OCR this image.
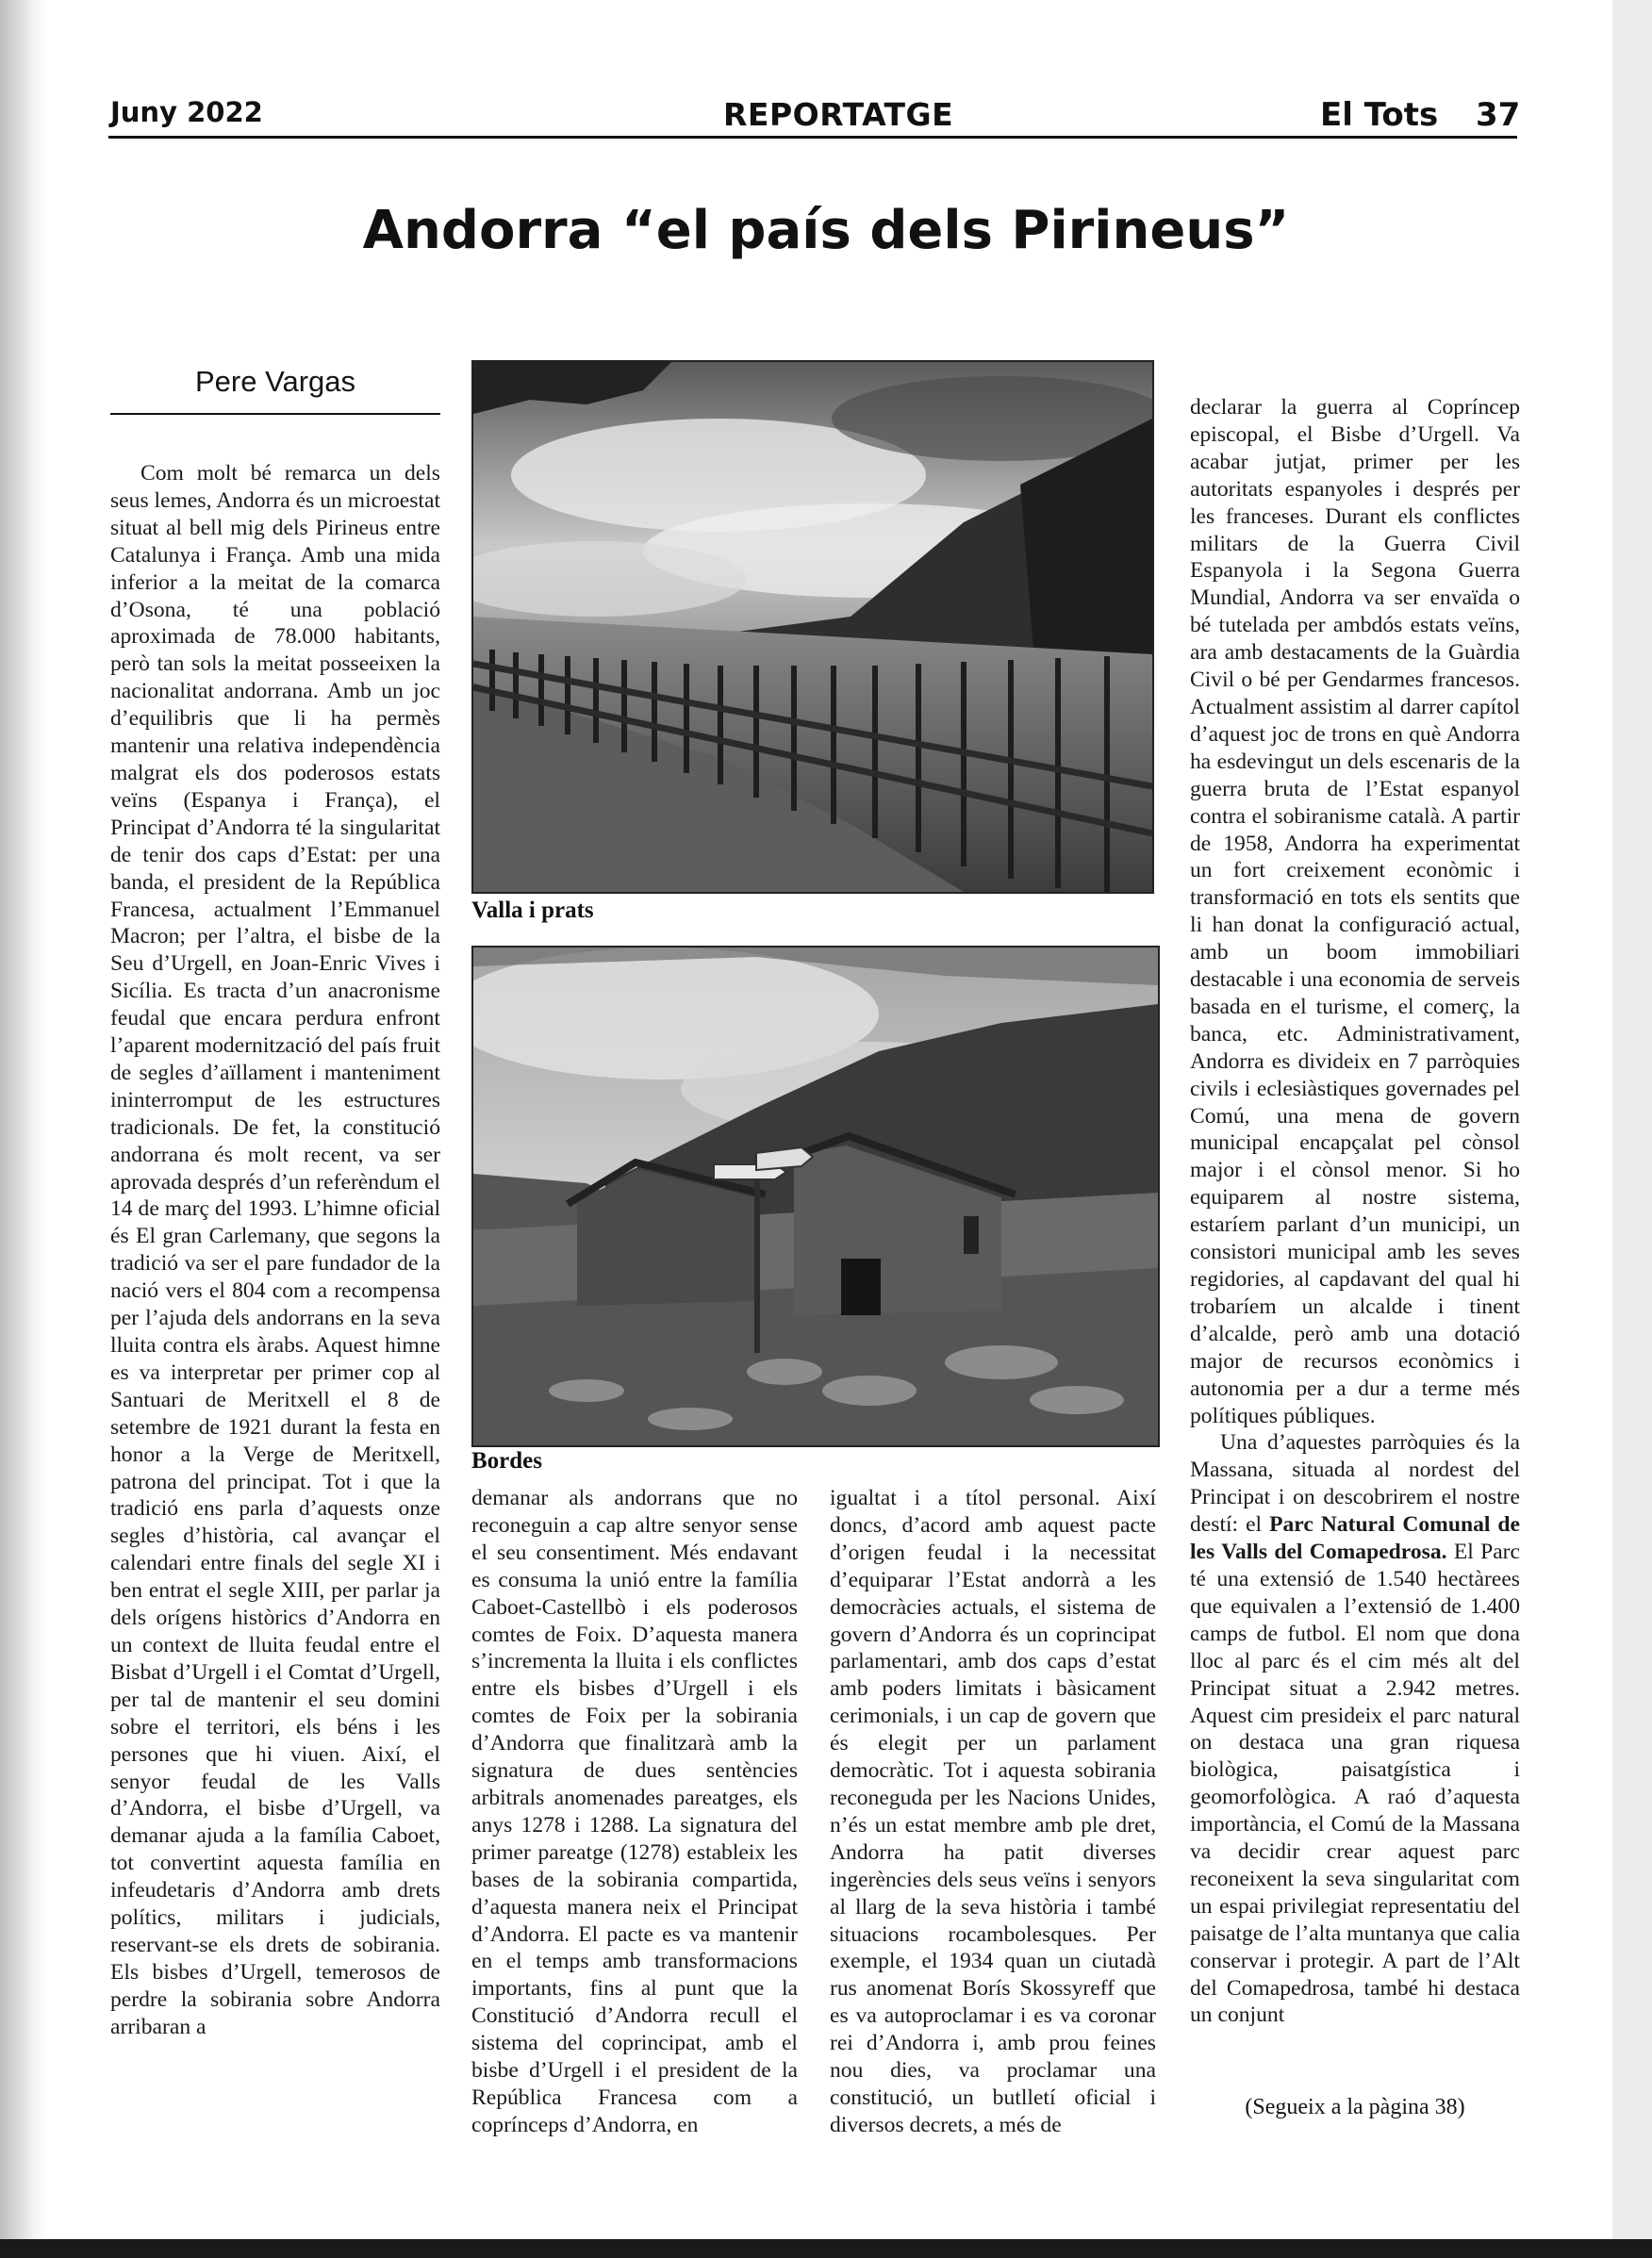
Juny 2022	REPORTATGE	El Tots 37
Andorra “el país dels Pirineus”
Pere Vargas
Valla i prats
Bordes

Com molt bé remarca un dels seus lemes, Andorra és un microestat situat al bell mig dels Pirineus entre Catalunya i França. Amb una mida inferior a la meitat de la comarca d’Osona, té una població aproximada de 78.000 habitants, però tan sols la meitat posseeixen la nacionalitat andorrana. Amb un joc d’equilibris que li ha permès mantenir una relativa independència malgrat els dos poderosos estats veïns (Espanya i França), el Principat d’Andorra té la singularitat de tenir dos caps d’Estat: per una banda, el president de la República Francesa, actualment l’Emmanuel Macron; per l’altra, el bisbe de la Seu d’Urgell, en Joan-Enric Vives i Sicília. Es tracta d’un anacronisme feudal que encara perdura enfront l’aparent modernització del país fruit de segles d’aïllament i manteniment ininterromput de les estructures tradicionals. De fet, la constitució andorrana és molt recent, va ser aprovada després d’un referèndum el 14 de març del 1993. L’himne oficial és El gran Carlemany, que segons la tradició va ser el pare fundador de la nació vers el 804 com a recompensa per l’ajuda dels andorrans en la seva lluita contra els àrabs. Aquest himne es va interpretar per primer cop al Santuari de Meritxell el 8 de setembre de 1921 durant la festa en honor a la Verge de Meritxell, patrona del principat. Tot i que la tradició ens parla d’aquests onze segles d’història, cal avançar el calendari entre finals del segle XI i ben entrat el segle XIII, per parlar ja dels orígens històrics d’Andorra en un context de lluita feudal entre el Bisbat d’Urgell i el Comtat d’Urgell, per tal de mantenir el seu domini sobre el territori, els béns i les persones que hi viuen. Així, el senyor feudal de les Valls d’Andorra, el bisbe d’Urgell, va demanar ajuda a la família Caboet, tot convertint aquesta família en infeudetaris d’Andorra amb drets polítics, militars i judicials, reservant-se els drets de sobirania. Els bisbes d’Urgell, temerosos de perdre la sobirania sobre Andorra arribaran a

demanar als andorrans que no reconeguin a cap altre senyor sense el seu consentiment. Més endavant es consuma la unió entre la família Caboet-Castellbò i els poderosos comtes de Foix. D’aquesta manera s’incrementa la lluita i els conflictes entre els bisbes d’Urgell i els comtes de Foix per la sobirania d’Andorra que finalitzarà amb la signatura de dues sentències arbitrals anomenades pareatges, els anys 1278 i 1288. La signatura del primer pareatge (1278) estableix les bases de la sobirania compartida, d’aquesta manera neix el Principat d’Andorra. El pacte es va mantenir en el temps amb transformacions importants, fins al punt que la Constitució d’Andorra recull el sistema del coprincipat, amb el bisbe d’Urgell i el president de la República Francesa com a coprínceps d’Andorra, en

igualtat i a títol personal. Així doncs, d’acord amb aquest pacte d’origen feudal i la necessitat d’equiparar l’Estat andorrà a les democràcies actuals, el sistema de govern d’Andorra és un coprincipat parlamentari, amb dos caps d’estat amb poders limitats i bàsicament cerimonials, i un cap de govern que és elegit per un parlament democràtic. Tot i aquesta sobirania reconeguda per les Nacions Unides, n’és un estat membre amb ple dret, Andorra ha patit diverses ingerències dels seus veïns i senyors al llarg de la seva història i també situacions rocambolesques. Per exemple, el 1934 quan un ciutadà rus anomenat Borís Skossyreff que es va autoproclamar i es va coronar rei d’Andorra i, amb prou feines nou dies, va proclamar una constitució, un butlletí oficial i diversos decrets, a més de

declarar la guerra al Copríncep episcopal, el Bisbe d’Urgell. Va acabar jutjat, primer per les autoritats espanyoles i després per les franceses. Durant els conflictes militars de la Guerra Civil Espanyola i la Segona Guerra Mundial, Andorra va ser envaïda o bé tutelada per ambdós estats veïns, ara amb destacaments de la Guàrdia Civil o bé per Gendarmes francesos. Actualment assistim al darrer capítol d’aquest joc de trons en què Andorra ha esdevingut un dels escenaris de la guerra bruta de l’Estat espanyol contra el sobiranisme català. A partir de 1958, Andorra ha experimentat un fort creixement econòmic i transformació en tots els sentits que li han donat la configuració actual, amb un boom immobiliari destacable i una economia de serveis basada en el turisme, el comerç, la banca, etc. Administrativament, Andorra es divideix en 7 parròquies civils i eclesiàstiques governades pel Comú, una mena de govern municipal encapçalat pel cònsol major i el cònsol menor. Si ho equiparem al nostre sistema, estaríem parlant d’un municipi, un consistori municipal amb les seves regidories, al capdavant del qual hi trobaríem un alcalde i tinent d’alcalde, però amb una dotació major de recursos econòmics i autonomia per a dur a terme més polítiques públiques.

Una d’aquestes parròquies és la Massana, situada al nordest del Principat i on descobrirem el nostre destí: el Parc Natural Comunal de les Valls del Comapedrosa. El Parc té una extensió de 1.540 hectàrees que equivalen a l’extensió de 1.400 camps de futbol. El nom que dona lloc al parc és el cim més alt del Principat situat a 2.942 metres. Aquest cim presideix el parc natural on destaca una gran riquesa biològica, paisatgística i geomorfològica. A raó d’aquesta importància, el Comú de la Massana va decidir crear aquest parc reconeixent la seva singularitat com un espai privilegiat representatiu del paisatge de l’alta muntanya que calia conservar i protegir. A part de l’Alt del Comapedrosa, també hi destaca un conjunt

(Segueix a la pàgina 38)
